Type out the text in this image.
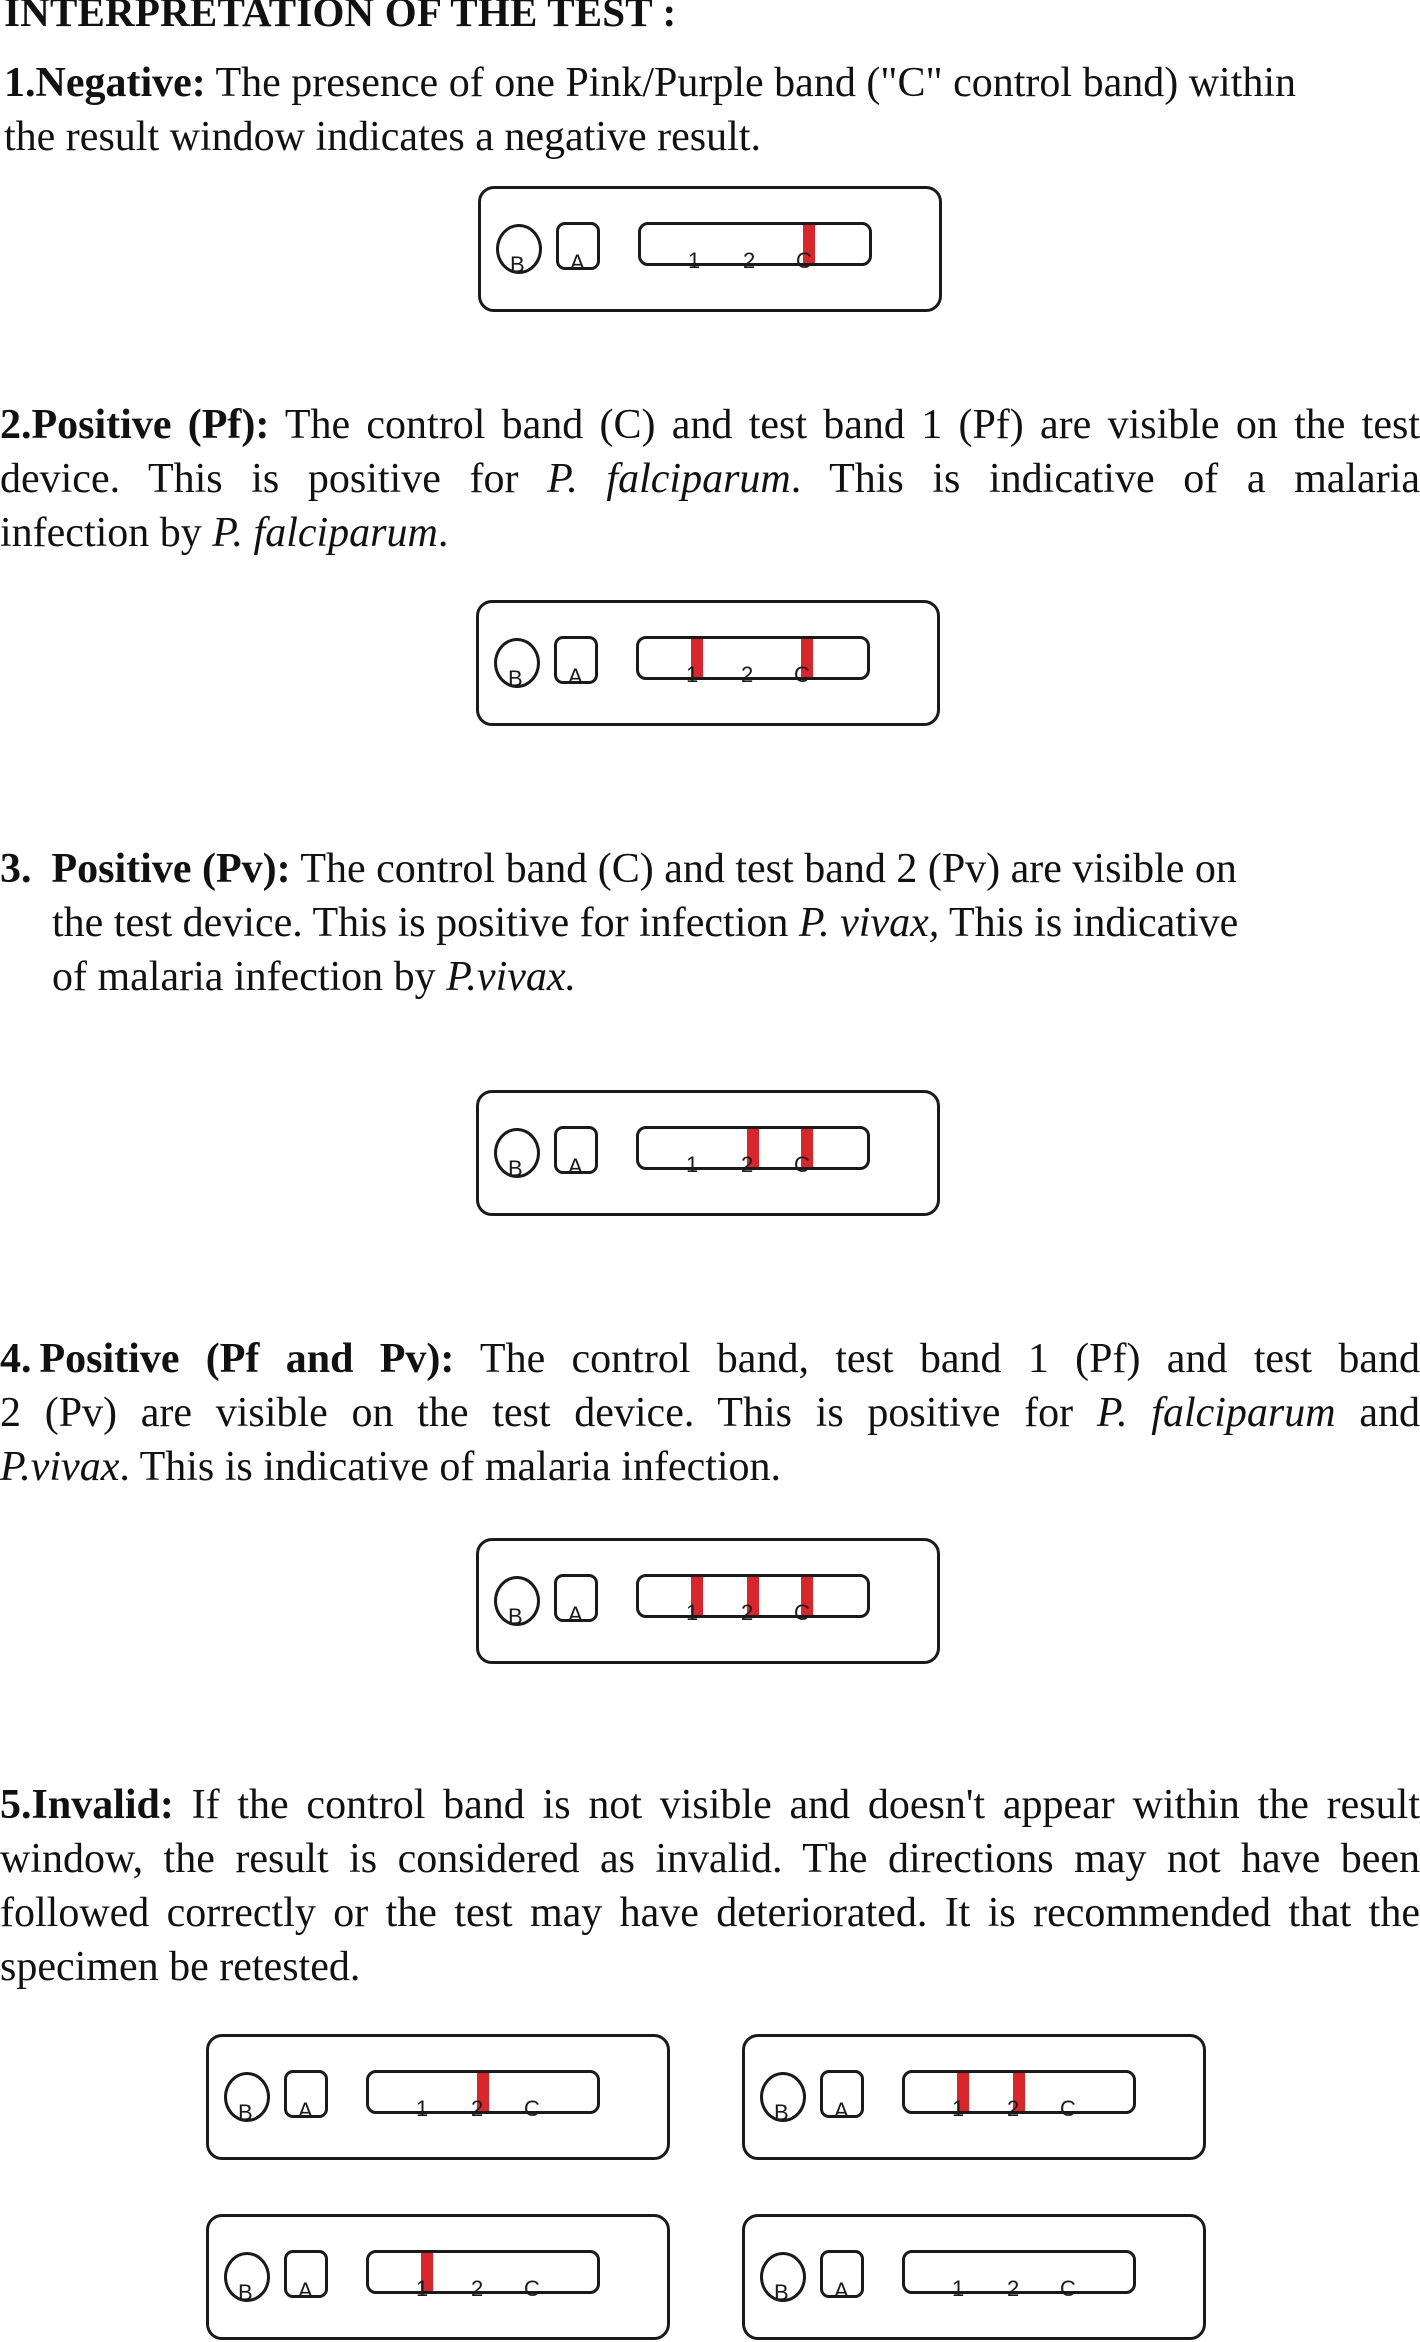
INTERPRETATION OF THE TEST :

1.Negative: The presence of one Pink/Purple band ("C" control band) within

the result window indicates a negative result.

B A	1 2 C

2.Positive (Pf): The control band (C) and test band 1 (Pf) are visible on the test

device. This is positive for P. falciparum. This is indicative of a malaria

infection by P. falciparum.

B A	1 2 C

3. Positive (Pv): The control band (C) and test band 2 (Pv) are visible on

the test device. This is positive for infection P. vivax, This is indicative

of malaria infection by P.vivax.

B A	1 2 C

4. Positive (Pf and Pv): The control band, test band 1 (Pf) and test band

2 (Pv) are visible on the test device. This is positive for P. falciparum and

P.vivax. This is indicative of malaria infection.

B A	1 2 C

5.Invalid: If the control band is not visible and doesn't appear within the result

window, the result is considered as invalid. The directions may not have been

followed correctly or the test may have deteriorated. It is recommended that the

specimen be retested.

B A	1 2 C	B A	1 2 C
B A	1 2 C	B A	1 2 C
